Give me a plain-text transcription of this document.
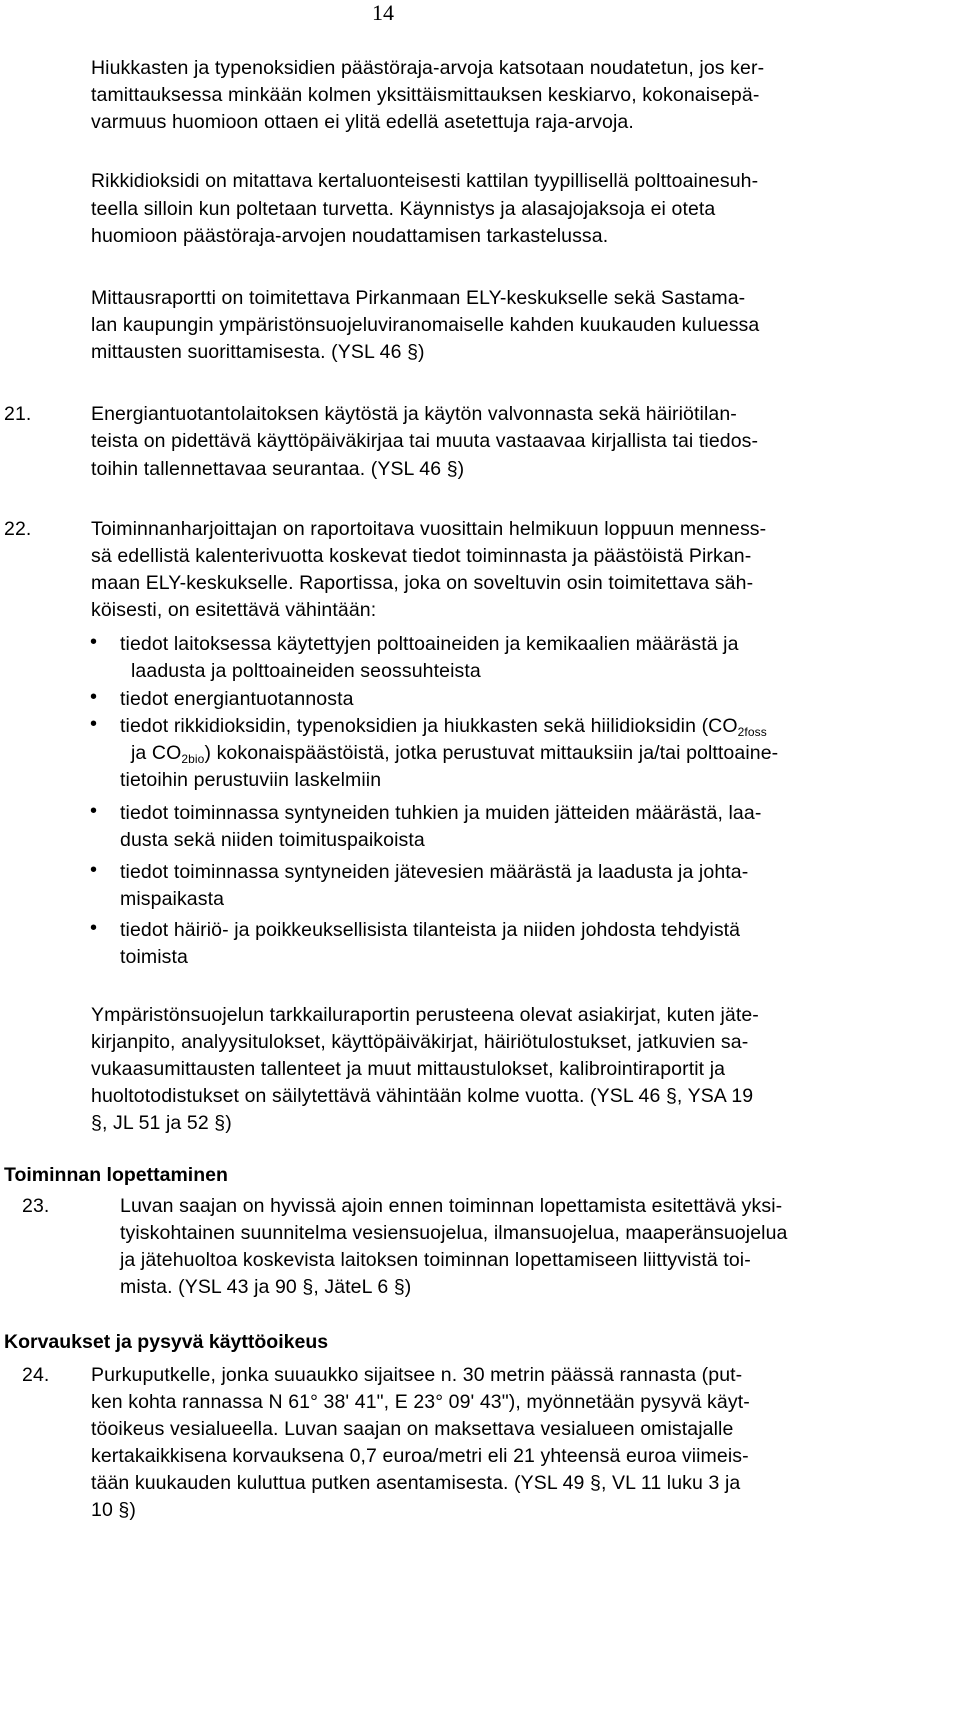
14
Hiukkasten ja typenoksidien päästöraja-arvoja katsotaan noudatetun, jos ker-
tamittauksessa minkään kolmen yksittäismittauksen keskiarvo, kokonaisepä-
varmuus huomioon ottaen ei ylitä edellä asetettuja raja-arvoja.
Rikkidioksidi on mitattava kertaluonteisesti kattilan tyypillisellä polttoainesuh-
teella silloin kun poltetaan turvetta. Käynnistys ja alasajojaksoja ei oteta
huomioon päästöraja-arvojen noudattamisen tarkastelussa.
Mittausraportti on toimitettava Pirkanmaan ELY-keskukselle sekä Sastama-
lan kaupungin ympäristönsuojeluviranomaiselle kahden kuukauden kuluessa
mittausten suorittamisesta. (YSL 46 §)
21.	Energiantuotantolaitoksen käytöstä ja käytön valvonnasta sekä häiriötilan-
teista on pidettävä käyttöpäiväkirjaa tai muuta vastaavaa kirjallista tai tiedos-
toihin tallennettavaa seurantaa. (YSL 46 §)
22.	Toiminnanharjoittajan on raportoitava vuosittain helmikuun loppuun menness-
sä edellistä kalenterivuotta koskevat tiedot toiminnasta ja päästöistä Pirkan-
maan ELY-keskukselle. Raportissa, joka on soveltuvin osin toimitettava säh-
köisesti, on esitettävä vähintään:
• tiedot laitoksessa käytettyjen polttoaineiden ja kemikaalien määrästä ja
laadusta ja polttoaineiden seossuhteista
• tiedot energiantuotannosta
• tiedot rikkidioksidin, typenoksidien ja hiukkasten sekä hiilidioksidin ($CO_{2foss}$
ja $CO_{2bio}$) kokonaispäästöistä, jotka perustuvat mittauksiin ja/tai polttoaine-
tietoihin perustuviin laskelmiin
• tiedot toiminnassa syntyneiden tuhkien ja muiden jätteiden määrästä, laa-
dusta sekä niiden toimituspaikoista
• tiedot toiminnassa syntyneiden jätevesien määrästä ja laadusta ja johta-
mispaikasta
• tiedot häiriö- ja poikkeuksellisista tilanteista ja niiden johdosta tehdyistä
toimista
Ympäristönsuojelun tarkkailuraportin perusteena olevat asiakirjat, kuten jäte-
kirjanpito, analyysitulokset, käyttöpäiväkirjat, häiriötulostukset, jatkuvien sa-
vukaasumittausten tallenteet ja muut mittaustulokset, kalibrointiraportit ja
huoltotodistukset on säilytettävä vähintään kolme vuotta. (YSL 46 §, YSA 19
§, JL 51 ja 52 §)
Toiminnan lopettaminen
23.	Luvan saajan on hyvissä ajoin ennen toiminnan lopettamista esitettävä yksi-
tyiskohtainen suunnitelma vesiensuojelua, ilmansuojelua, maaperänsuojelua
ja jätehuoltoa koskevista laitoksen toiminnan lopettamiseen liittyvistä toi-
mista. (YSL 43 ja 90 §, JäteL 6 §)
Korvaukset ja pysyvä käyttöoikeus
24. Purkuputkelle, jonka suuaukko sijaitsee n. 30 metrin päässä rannasta (put-
ken kohta rannassa N 61° 38' 41", E 23° 09' 43"), myönnetään pysyvä käyt-
töoikeus vesialueella. Luvan saajan on maksettava vesialueen omistajalle
kertakaikkisena korvauksena 0,7 euroa/metri eli 21 yhteensä euroa viimeis-
tään kuukauden kuluttua putken asentamisesta. (YSL 49 §, VL 11 luku 3 ja
10 §)
